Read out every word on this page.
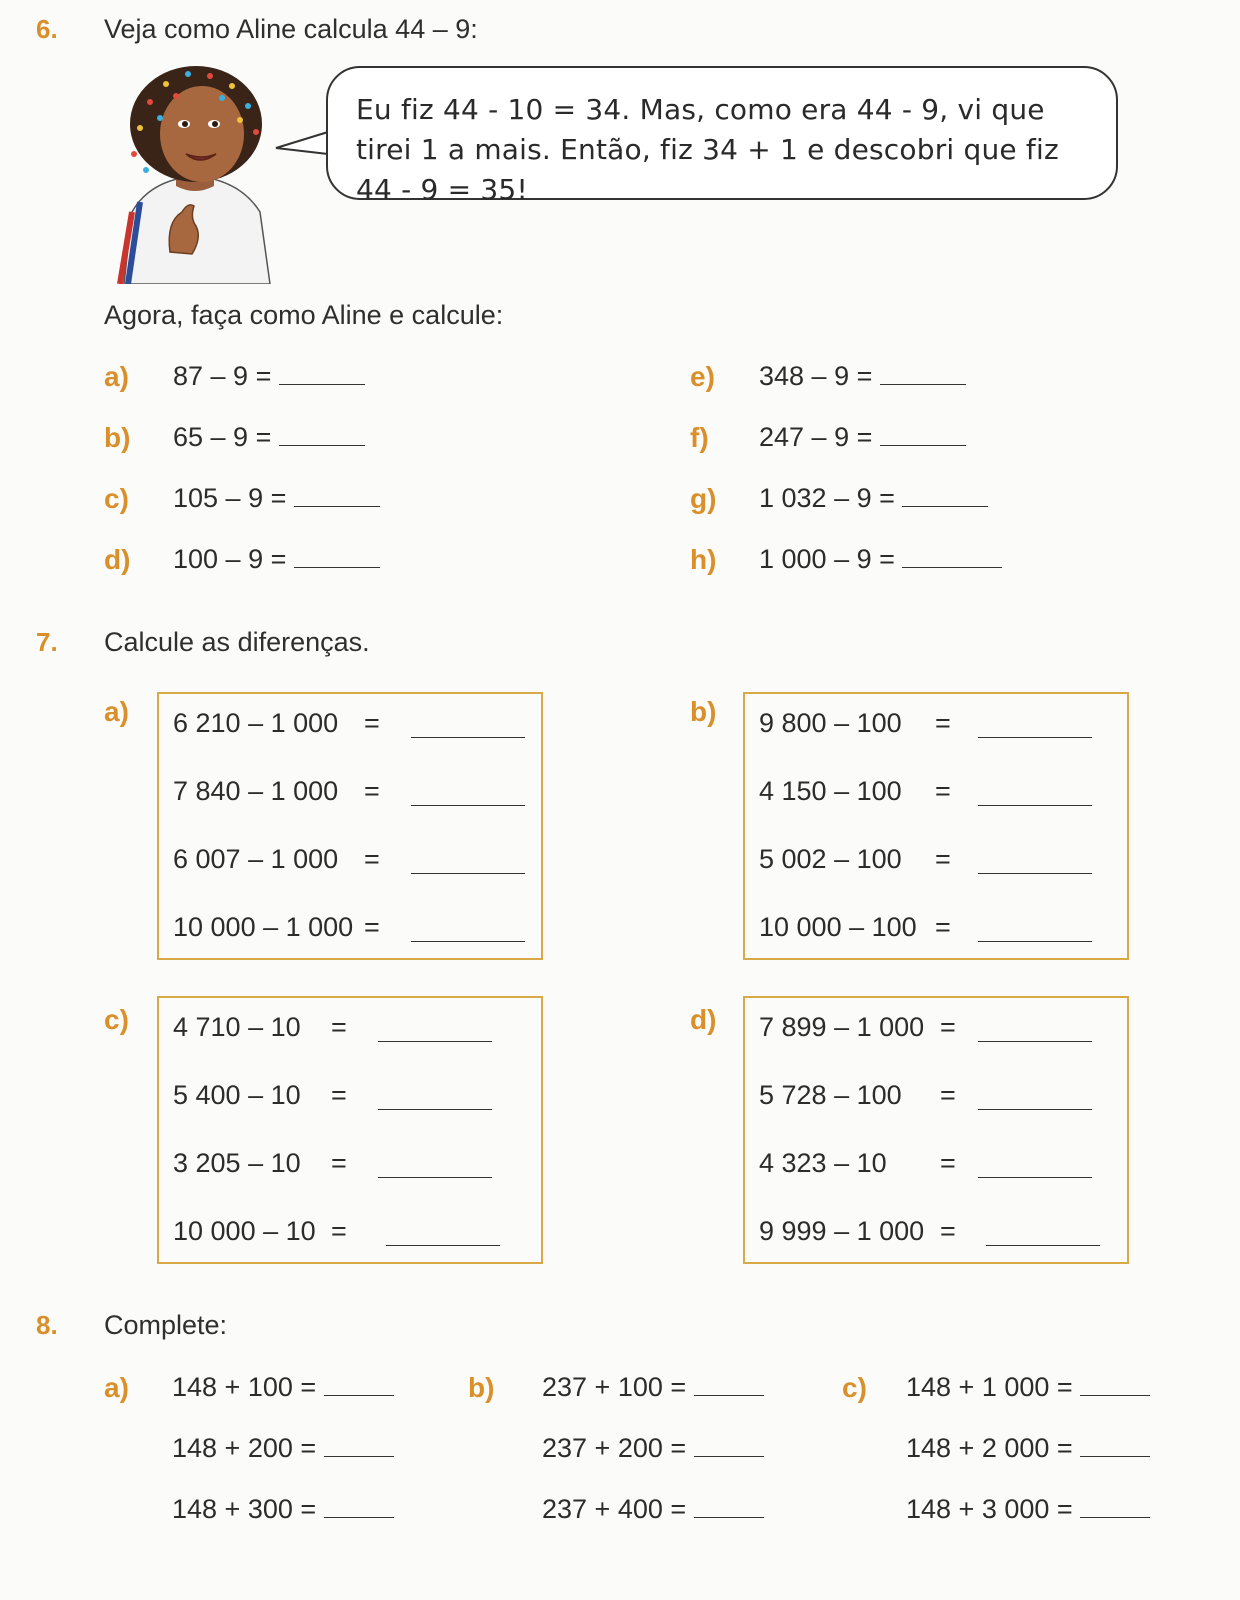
6. Veja como Aline calcula 44 – 9:
Eu fiz 44 - 10 = 34. Mas, como era 44 - 9, vi que tirei 1 a mais. Então, fiz 34 + 1 e descobri que fiz 44 - 9 = 35!
Agora, faça como Aline e calcule:
a) 87 – 9 =
b) 65 – 9 =
c) 105 – 9 =
d) 100 – 9 =
e) 348 – 9 =
f) 247 – 9 =
g) 1 032 – 9 =
h) 1 000 – 9 =
7. Calcule as diferenças.
a) 6 210 – 1 000 =
7 840 – 1 000 =
6 007 – 1 000 =
10 000 – 1 000 =
b) 9 800 – 100 =
4 150 – 100 =
5 002 – 100 =
10 000 – 100 =
c) 4 710 – 10 =
5 400 – 10 =
3 205 – 10 =
10 000 – 10 =
d) 7 899 – 1 000 =
5 728 – 100 =
4 323 – 10 =
9 999 – 1 000 =
8. Complete:
a) 148 + 100 =
148 + 200 =
148 + 300 =
b) 237 + 100 =
237 + 200 =
237 + 400 =
c) 148 + 1 000 =
148 + 2 000 =
148 + 3 000 =
